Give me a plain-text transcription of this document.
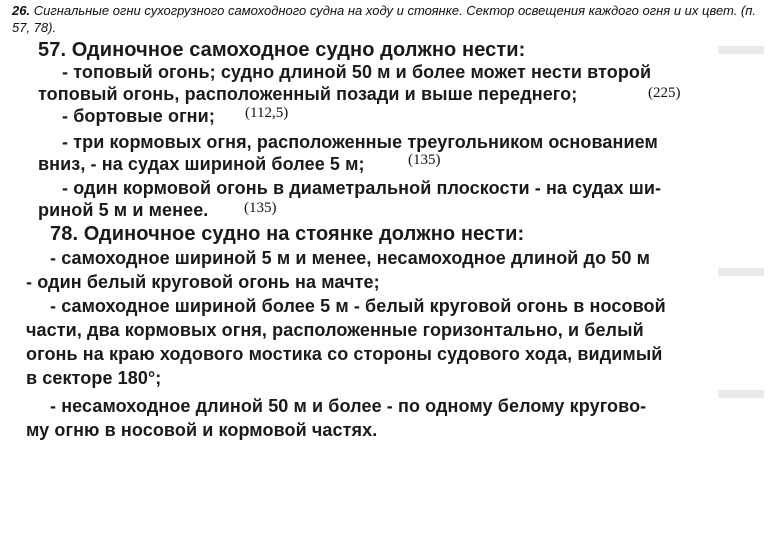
26. Сигнальные огни сухогрузного самоходного судна на ходу и стоянке. Сектор освещения каждого огня и их цвет. (п. 57, 78).
57. Одиночное самоходное судно должно нести:
- топовый огонь; судно длиной 50 м и более может нести второй
топовый огонь, расположенный позади и выше переднего;
- бортовые огни;
- три кормовых огня, расположенные треугольником основанием
вниз, - на судах шириной более 5 м;
- один кормовой огонь в диаметральной плоскости - на судах ши-
риной 5 м и менее.
78. Одиночное судно на стоянке должно нести:
- самоходное шириной 5 м и менее, несамоходное длиной до 50 м
- один белый круговой огонь на мачте;
- самоходное шириной более 5 м - белый круговой огонь в носовой
части, два кормовых огня, расположенные горизонтально, и белый
огонь на краю ходового мостика со стороны судового хода, видимый
в секторе 180°;
- несамоходное длиной 50 м и более - по одному белому кругово-
му огню в носовой и кормовой частях.
(225)
(112,5)
(135)
(135)
